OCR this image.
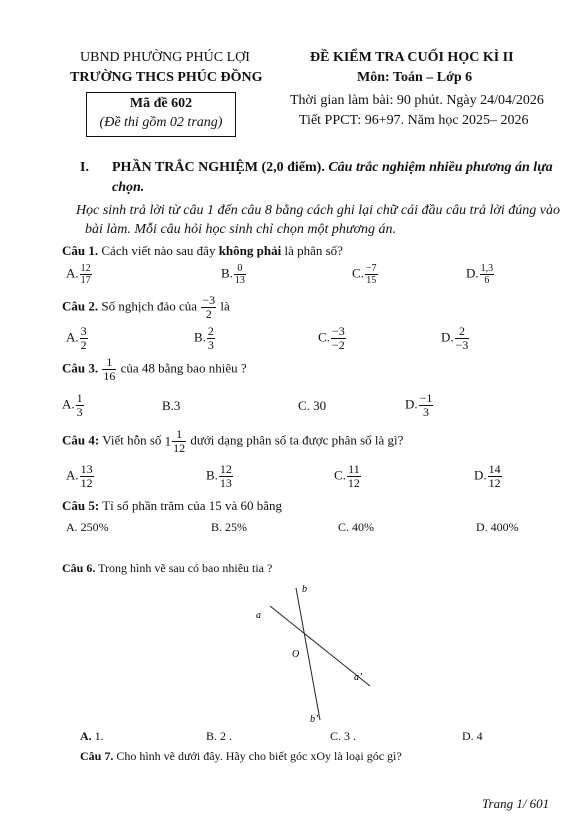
UBND PHƯỜNG PHÚC LỢI
TRƯỜNG THCS PHÚC ĐỒNG
Mã đề 602
(Đề thi gồm 02 trang)
ĐỀ KIỂM TRA CUỐI HỌC KÌ II
Môn: Toán – Lớp 6
Thời gian làm bài: 90 phút. Ngày 24/04/2026
Tiết PPCT: 96+97. Năm học 2025– 2026
I. PHẦN TRẮC NGHIỆM (2,0 điểm). Câu trắc nghiệm nhiều phương án lựa
chọn.
Học sinh trả lời từ câu 1 đến câu 8 bằng cách ghi lại chữ cái đầu câu trả lời đúng vào
bài làm. Mỗi câu hỏi học sinh chỉ chọn một phương án.
Câu 1. Cách viết nào sau đây không phải là phân số?
A. $\frac{12}{17}$	B. $\frac{0}{13}$	C. $\frac{-7}{15}$	D. $\frac{1,3}{6}$
Câu 2. Số nghịch đảo của $\frac{-3}{2}$ là
A. $\frac{3}{2}$	B. $\frac{2}{3}$	C. $\frac{-3}{-2}$	D. $\frac{2}{-3}$
Câu 3. $\frac{1}{16}$ của 48 bằng bao nhiêu ?
A. $\frac{1}{3}$	B.3	C. 30	D. $\frac{-1}{3}$
Câu 4: Viết hỗn số $1 \frac{1}{12}$ dưới dạng phân số ta được phân số là gì?
A. $\frac{13}{12}$	B. $\frac{12}{13}$	C. $\frac{11}{12}$	D. $\frac{14}{12}$
Câu 5: Tỉ số phần trăm của 15 và 60 bằng
A. 250%	B. 25%	C. 40%	D. 400%
Câu 6. Trong hình vẽ sau có bao nhiêu tia ?
b
a
O
a’
b’
A. 1.	B. 2 .	C. 3 .	D. 4
Câu 7. Cho hình vẽ dưới đây. Hãy cho biết góc xOy là loại góc gì?
Trang 1/ 601
